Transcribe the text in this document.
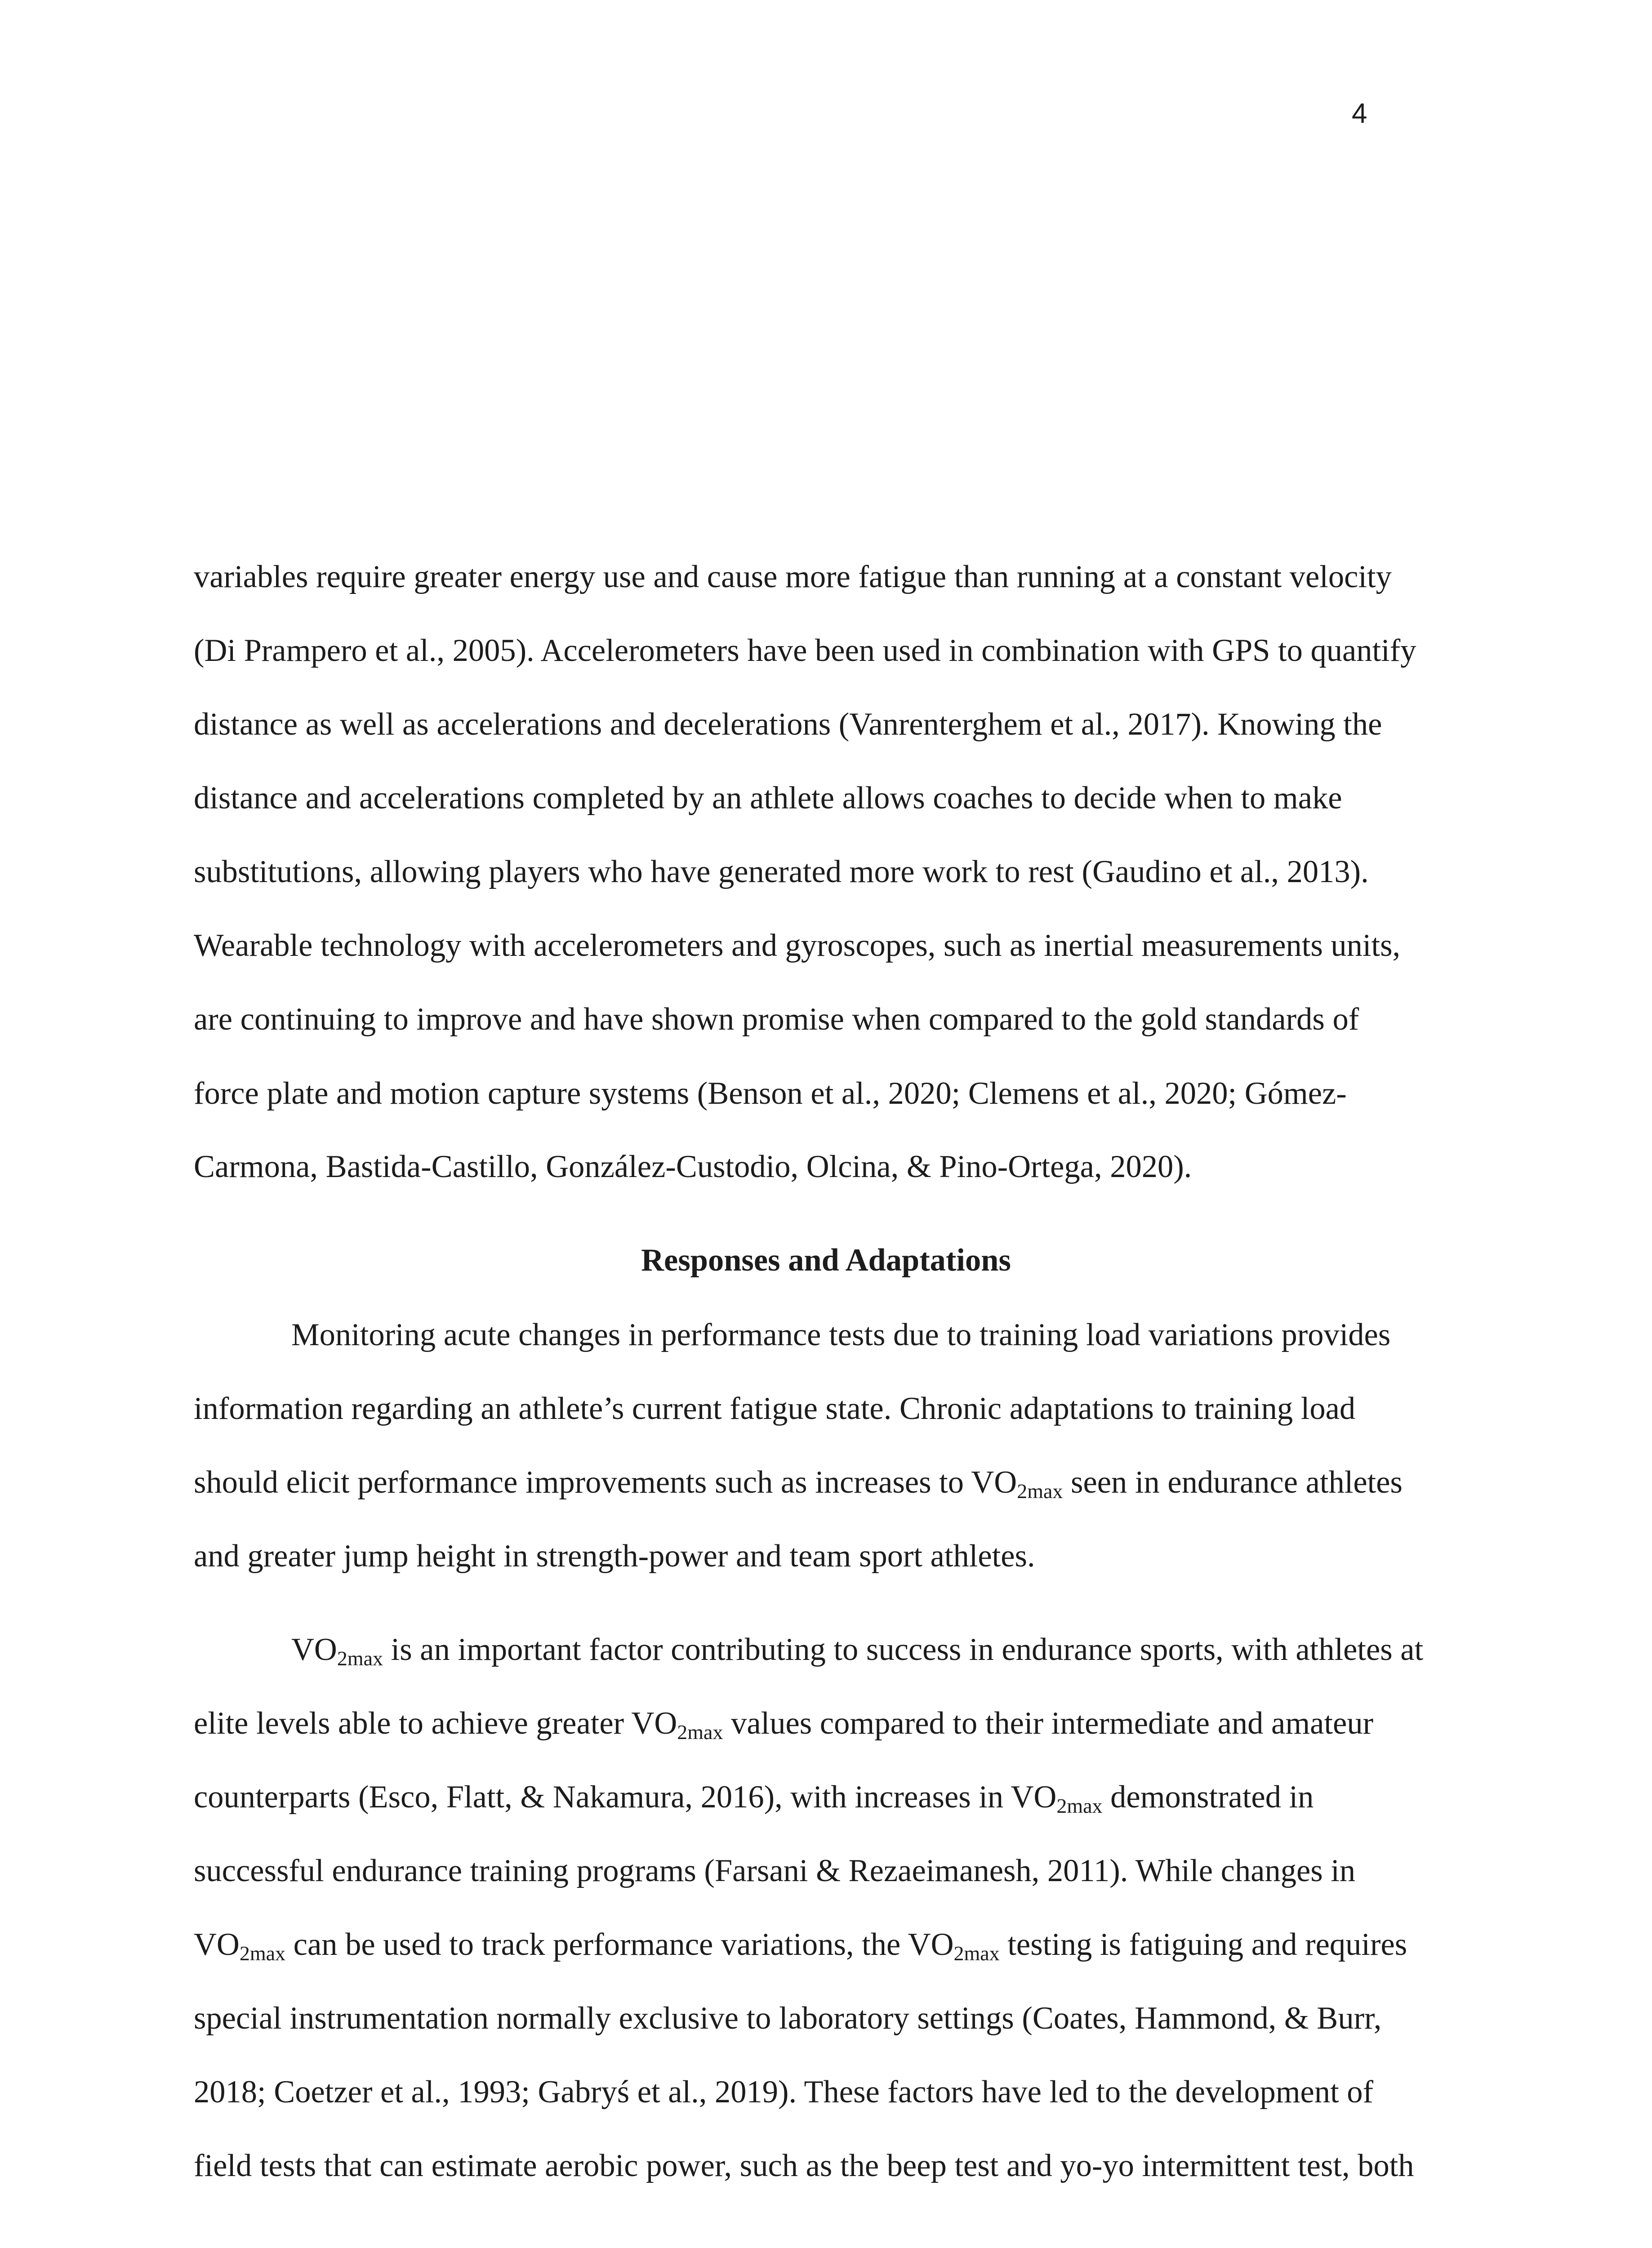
4
variables require greater energy use and cause more fatigue than running at a constant velocity
(Di Prampero et al., 2005). Accelerometers have been used in combination with GPS to quantify
distance as well as accelerations and decelerations (Vanrenterghem et al., 2017). Knowing the
distance and accelerations completed by an athlete allows coaches to decide when to make
substitutions, allowing players who have generated more work to rest (Gaudino et al., 2013).
Wearable technology with accelerometers and gyroscopes, such as inertial measurements units,
are continuing to improve and have shown promise when compared to the gold standards of
force plate and motion capture systems (Benson et al., 2020; Clemens et al., 2020; Gómez-
Carmona, Bastida-Castillo, González-Custodio, Olcina, & Pino-Ortega, 2020).
Responses and Adaptations
Monitoring acute changes in performance tests due to training load variations provides
information regarding an athlete’s current fatigue state. Chronic adaptations to training load
should elicit performance improvements such as increases to $VO_{2max}$ seen in endurance athletes
and greater jump height in strength-power and team sport athletes.
$VO_{2max}$ is an important factor contributing to success in endurance sports, with athletes at
elite levels able to achieve greater $VO_{2max}$ values compared to their intermediate and amateur
counterparts (Esco, Flatt, & Nakamura, 2016), with increases in $VO_{2max}$ demonstrated in
successful endurance training programs (Farsani & Rezaeimanesh, 2011). While changes in
$VO_{2max}$ can be used to track performance variations, the $VO_{2max}$ testing is fatiguing and requires
special instrumentation normally exclusive to laboratory settings (Coates, Hammond, & Burr,
2018; Coetzer et al., 1993; Gabryś et al., 2019). These factors have led to the development of
field tests that can estimate aerobic power, such as the beep test and yo-yo intermittent test, both
